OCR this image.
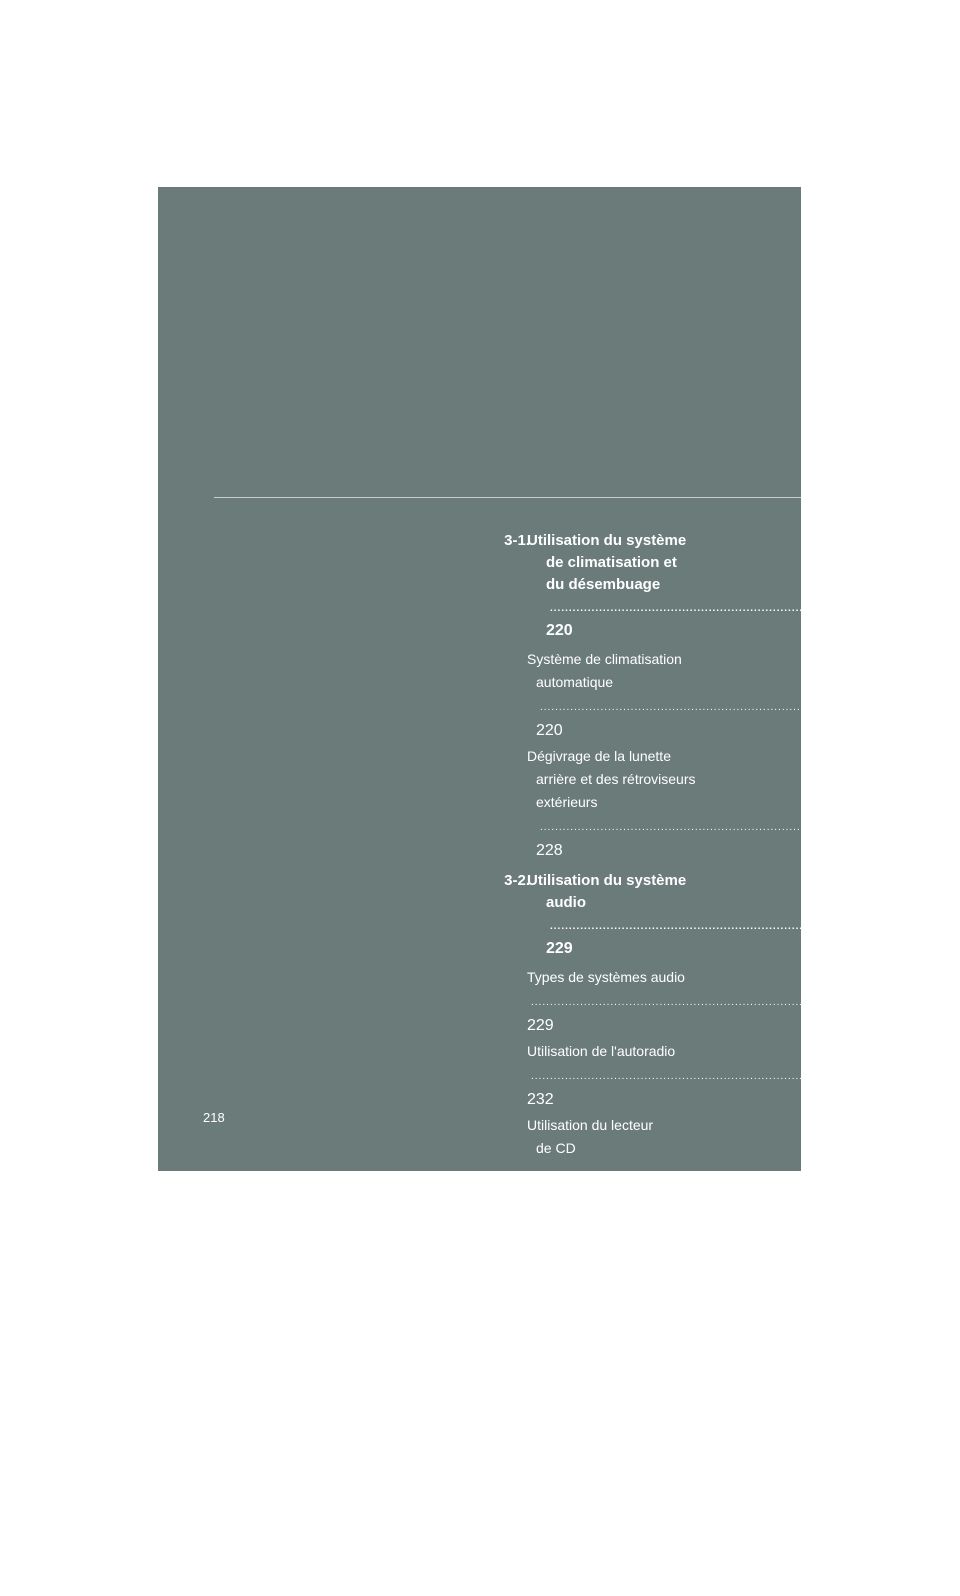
3-1.
Utilisation du système
de climatisation et
du désembuage ..... 220
Système de climatisation
automatique ..... 220
Dégivrage de la lunette
arrière et des rétroviseurs
extérieurs ..... 228
3-2.
Utilisation du système
audio ..... 229
Types de systèmes audio ..... 229
Utilisation de l'autoradio ..... 232
Utilisation du lecteur
de CD ..... 241
Lecture des disques
MP3 et WMA ..... 248
Utilisation optimale du
système audio ..... 256
Utilisation de l'adaptateur
AUX ..... 259
Utilisation des commandes
audio au volant ..... 260
218
